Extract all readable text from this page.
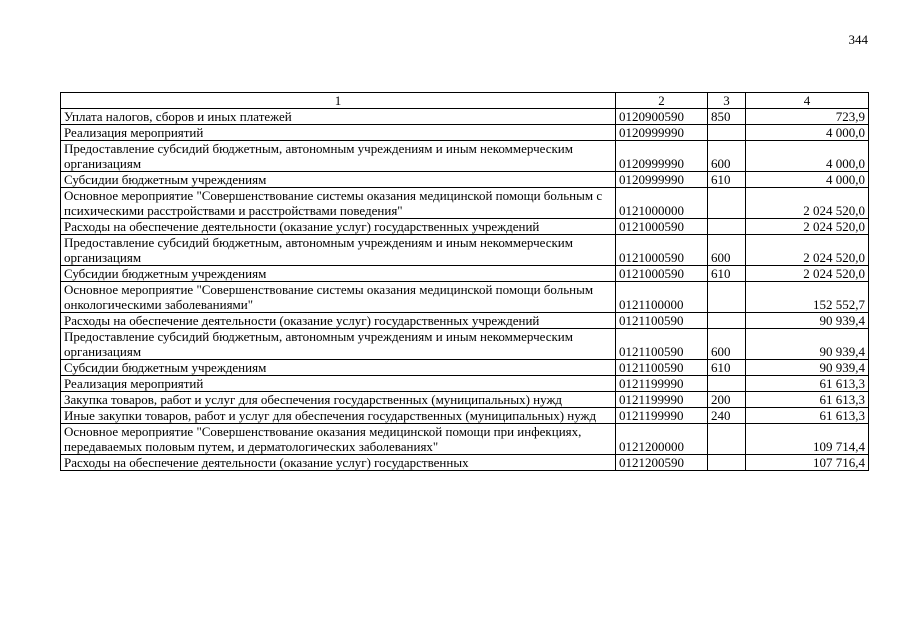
344
1	2	3	4
Уплата налогов, сборов и иных платежей	0120900590	850	723,9
Реализация мероприятий	0120999990		4 000,0
Предоставление субсидий бюджетным, автономным учреждениям и иным некоммерческим организациям	0120999990	600	4 000,0
Субсидии бюджетным учреждениям	0120999990	610	4 000,0
Основное мероприятие "Совершенствование системы оказания медицинской помощи больным с психическими расстройствами и расстройствами поведения"	0121000000		2 024 520,0
Расходы на обеспечение деятельности (оказание услуг) государственных учреждений	0121000590		2 024 520,0
Предоставление субсидий бюджетным, автономным учреждениям и иным некоммерческим организациям	0121000590	600	2 024 520,0
Субсидии бюджетным учреждениям	0121000590	610	2 024 520,0
Основное мероприятие "Совершенствование системы оказания медицинской помощи больным онкологическими заболеваниями"	0121100000		152 552,7
Расходы на обеспечение деятельности (оказание услуг) государственных учреждений	0121100590		90 939,4
Предоставление субсидий бюджетным, автономным учреждениям и иным некоммерческим организациям	0121100590	600	90 939,4
Субсидии бюджетным учреждениям	0121100590	610	90 939,4
Реализация мероприятий	0121199990		61 613,3
Закупка товаров, работ и услуг для обеспечения государственных (муниципальных) нужд	0121199990	200	61 613,3
Иные закупки товаров, работ и услуг для обеспечения государственных (муниципальных) нужд	0121199990	240	61 613,3
Основное мероприятие "Совершенствование оказания медицинской помощи при инфекциях, передаваемых половым путем, и дерматологических заболеваниях"	0121200000		109 714,4
Расходы на обеспечение деятельности (оказание услуг) государственных	0121200590		107 716,4
